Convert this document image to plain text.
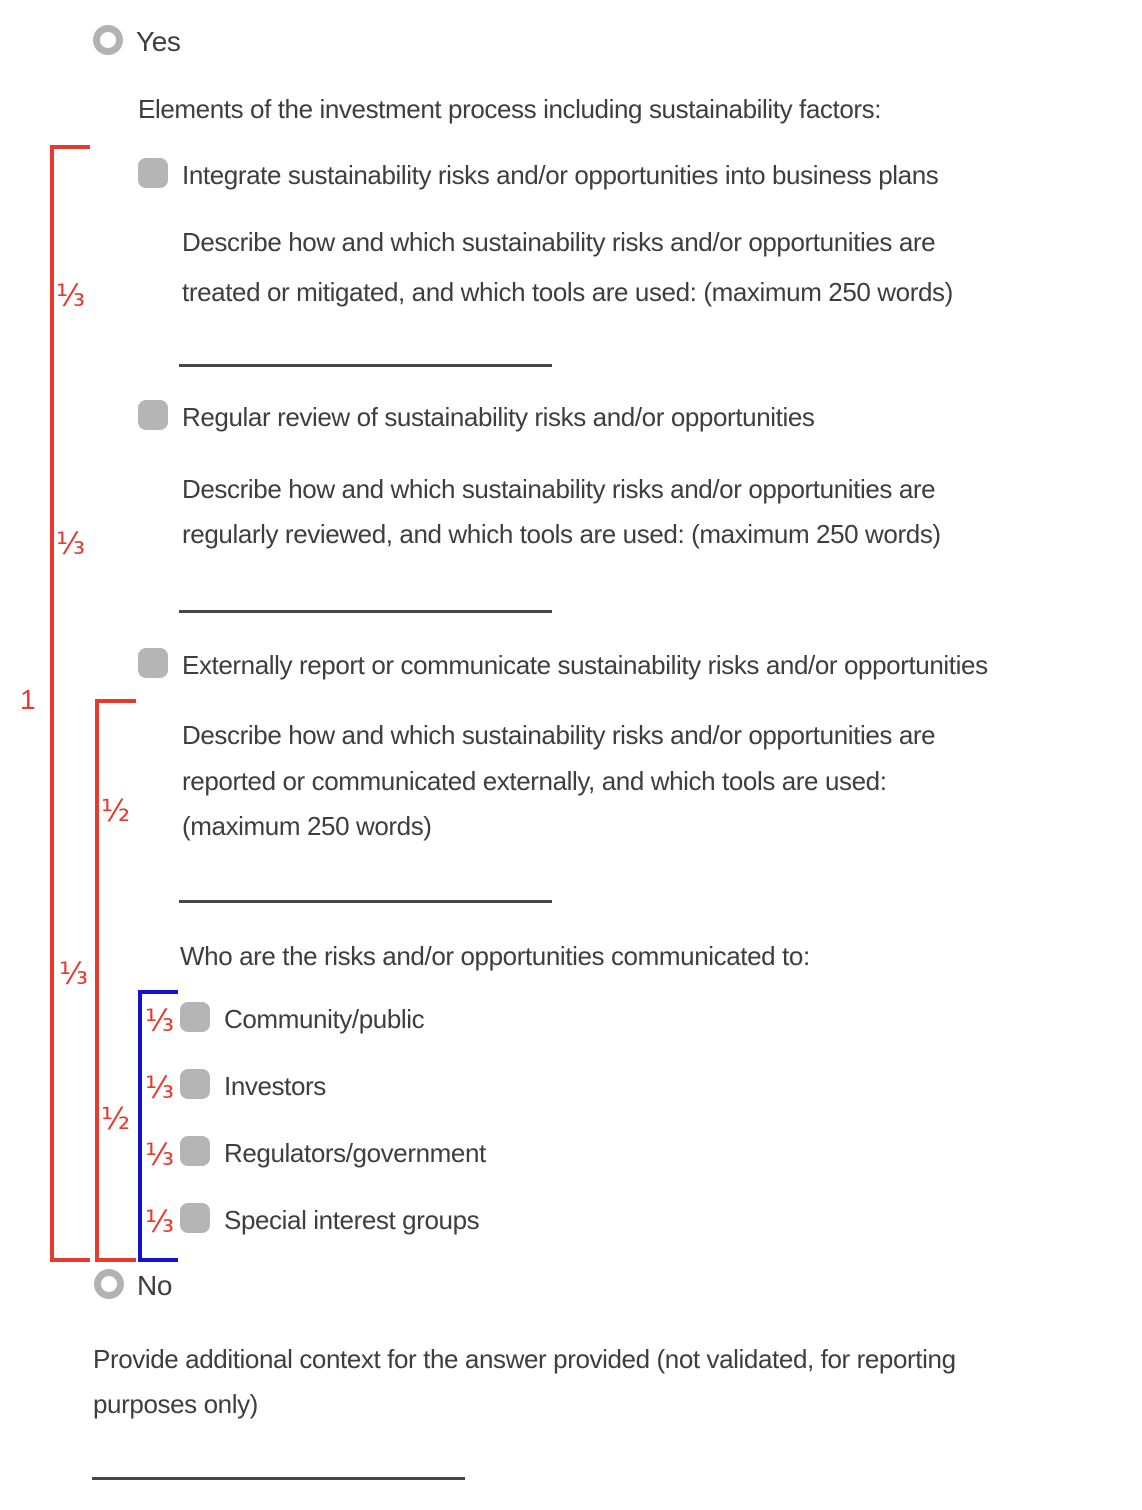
Yes
Elements of the investment process including sustainability factors:
1
Integrate sustainability risks and/or opportunities into business plans
Describe how and which sustainability risks and/or opportunities are
treated or mitigated, and which tools are used: (maximum 250 words)
⅓
Regular review of sustainability risks and/or opportunities
Describe how and which sustainability risks and/or opportunities are
regularly reviewed, and which tools are used: (maximum 250 words)
⅓
Externally report or communicate sustainability risks and/or opportunities
Describe how and which sustainability risks and/or opportunities are
reported or communicated externally, and which tools are used:
(maximum 250 words)
⅓
½
½
Who are the risks and/or opportunities communicated to:
⅓ Community/public
⅓ Investors
⅓ Regulators/government
⅓ Special interest groups
No
Provide additional context for the answer provided (not validated, for reporting
purposes only)
